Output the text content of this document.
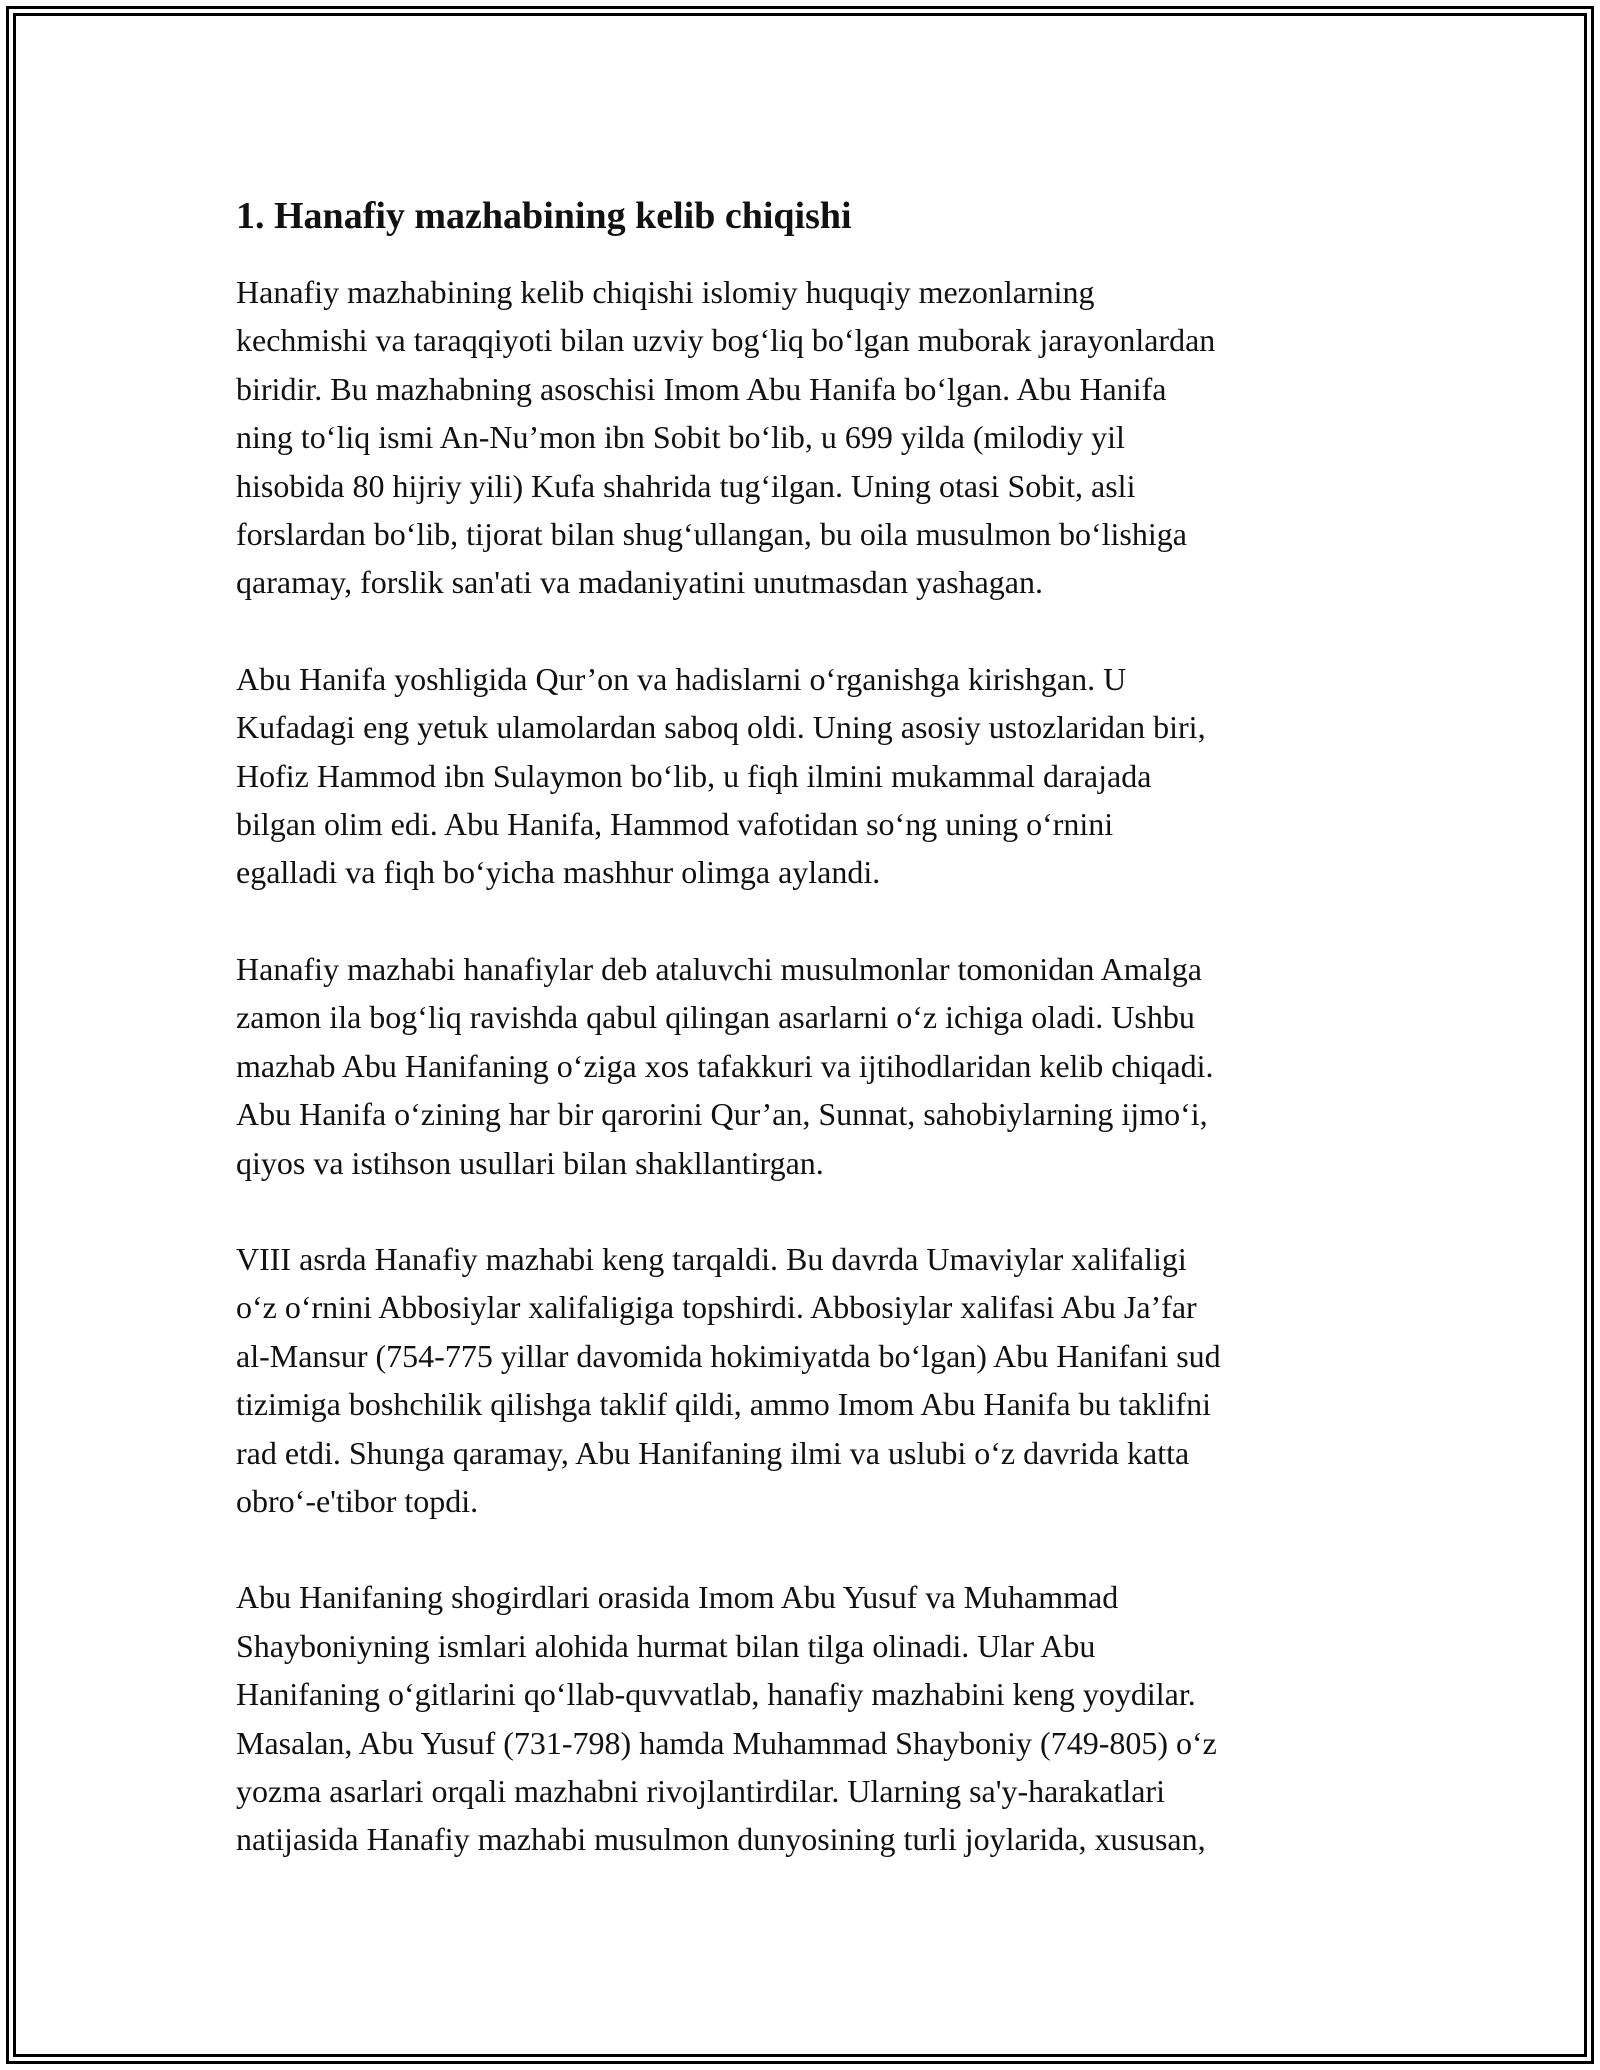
1. Hanafiy mazhabining kelib chiqishi
Hanafiy mazhabining kelib chiqishi islomiy huquqiy mezonlarning
kechmishi va taraqqiyoti bilan uzviy bog‘liq bo‘lgan muborak jarayonlardan
biridir. Bu mazhabning asoschisi Imom Abu Hanifa bo‘lgan. Abu Hanifa
ning to‘liq ismi An-Nu’mon ibn Sobit bo‘lib, u 699 yilda (milodiy yil
hisobida 80 hijriy yili) Kufa shahrida tug‘ilgan. Uning otasi Sobit, asli
forslardan bo‘lib, tijorat bilan shug‘ullangan, bu oila musulmon bo‘lishiga
qaramay, forslik san'ati va madaniyatini unutmasdan yashagan.
Abu Hanifa yoshligida Qur’on va hadislarni o‘rganishga kirishgan. U
Kufadagi eng yetuk ulamolardan saboq oldi. Uning asosiy ustozlaridan biri,
Hofiz Hammod ibn Sulaymon bo‘lib, u fiqh ilmini mukammal darajada
bilgan olim edi. Abu Hanifa, Hammod vafotidan so‘ng uning o‘rnini
egalladi va fiqh bo‘yicha mashhur olimga aylandi.
Hanafiy mazhabi hanafiylar deb ataluvchi musulmonlar tomonidan Amalga
zamon ila bog‘liq ravishda qabul qilingan asarlarni o‘z ichiga oladi. Ushbu
mazhab Abu Hanifaning o‘ziga xos tafakkuri va ijtihodlaridan kelib chiqadi.
Abu Hanifa o‘zining har bir qarorini Qur’an, Sunnat, sahobiylarning ijmo‘i,
qiyos va istihson usullari bilan shakllantirgan.
VIII asrda Hanafiy mazhabi keng tarqaldi. Bu davrda Umaviylar xalifaligi
o‘z o‘rnini Abbosiylar xalifaligiga topshirdi. Abbosiylar xalifasi Abu Ja’far
al-Mansur (754-775 yillar davomida hokimiyatda bo‘lgan) Abu Hanifani sud
tizimiga boshchilik qilishga taklif qildi, ammo Imom Abu Hanifa bu taklifni
rad etdi. Shunga qaramay, Abu Hanifaning ilmi va uslubi o‘z davrida katta
obro‘-e'tibor topdi.
Abu Hanifaning shogirdlari orasida Imom Abu Yusuf va Muhammad
Shayboniyning ismlari alohida hurmat bilan tilga olinadi. Ular Abu
Hanifaning o‘gitlarini qo‘llab-quvvatlab, hanafiy mazhabini keng yoydilar.
Masalan, Abu Yusuf (731-798) hamda Muhammad Shayboniy (749-805) o‘z
yozma asarlari orqali mazhabni rivojlantirdilar. Ularning sa'y-harakatlari
natijasida Hanafiy mazhabi musulmon dunyosining turli joylarida, xususan,
